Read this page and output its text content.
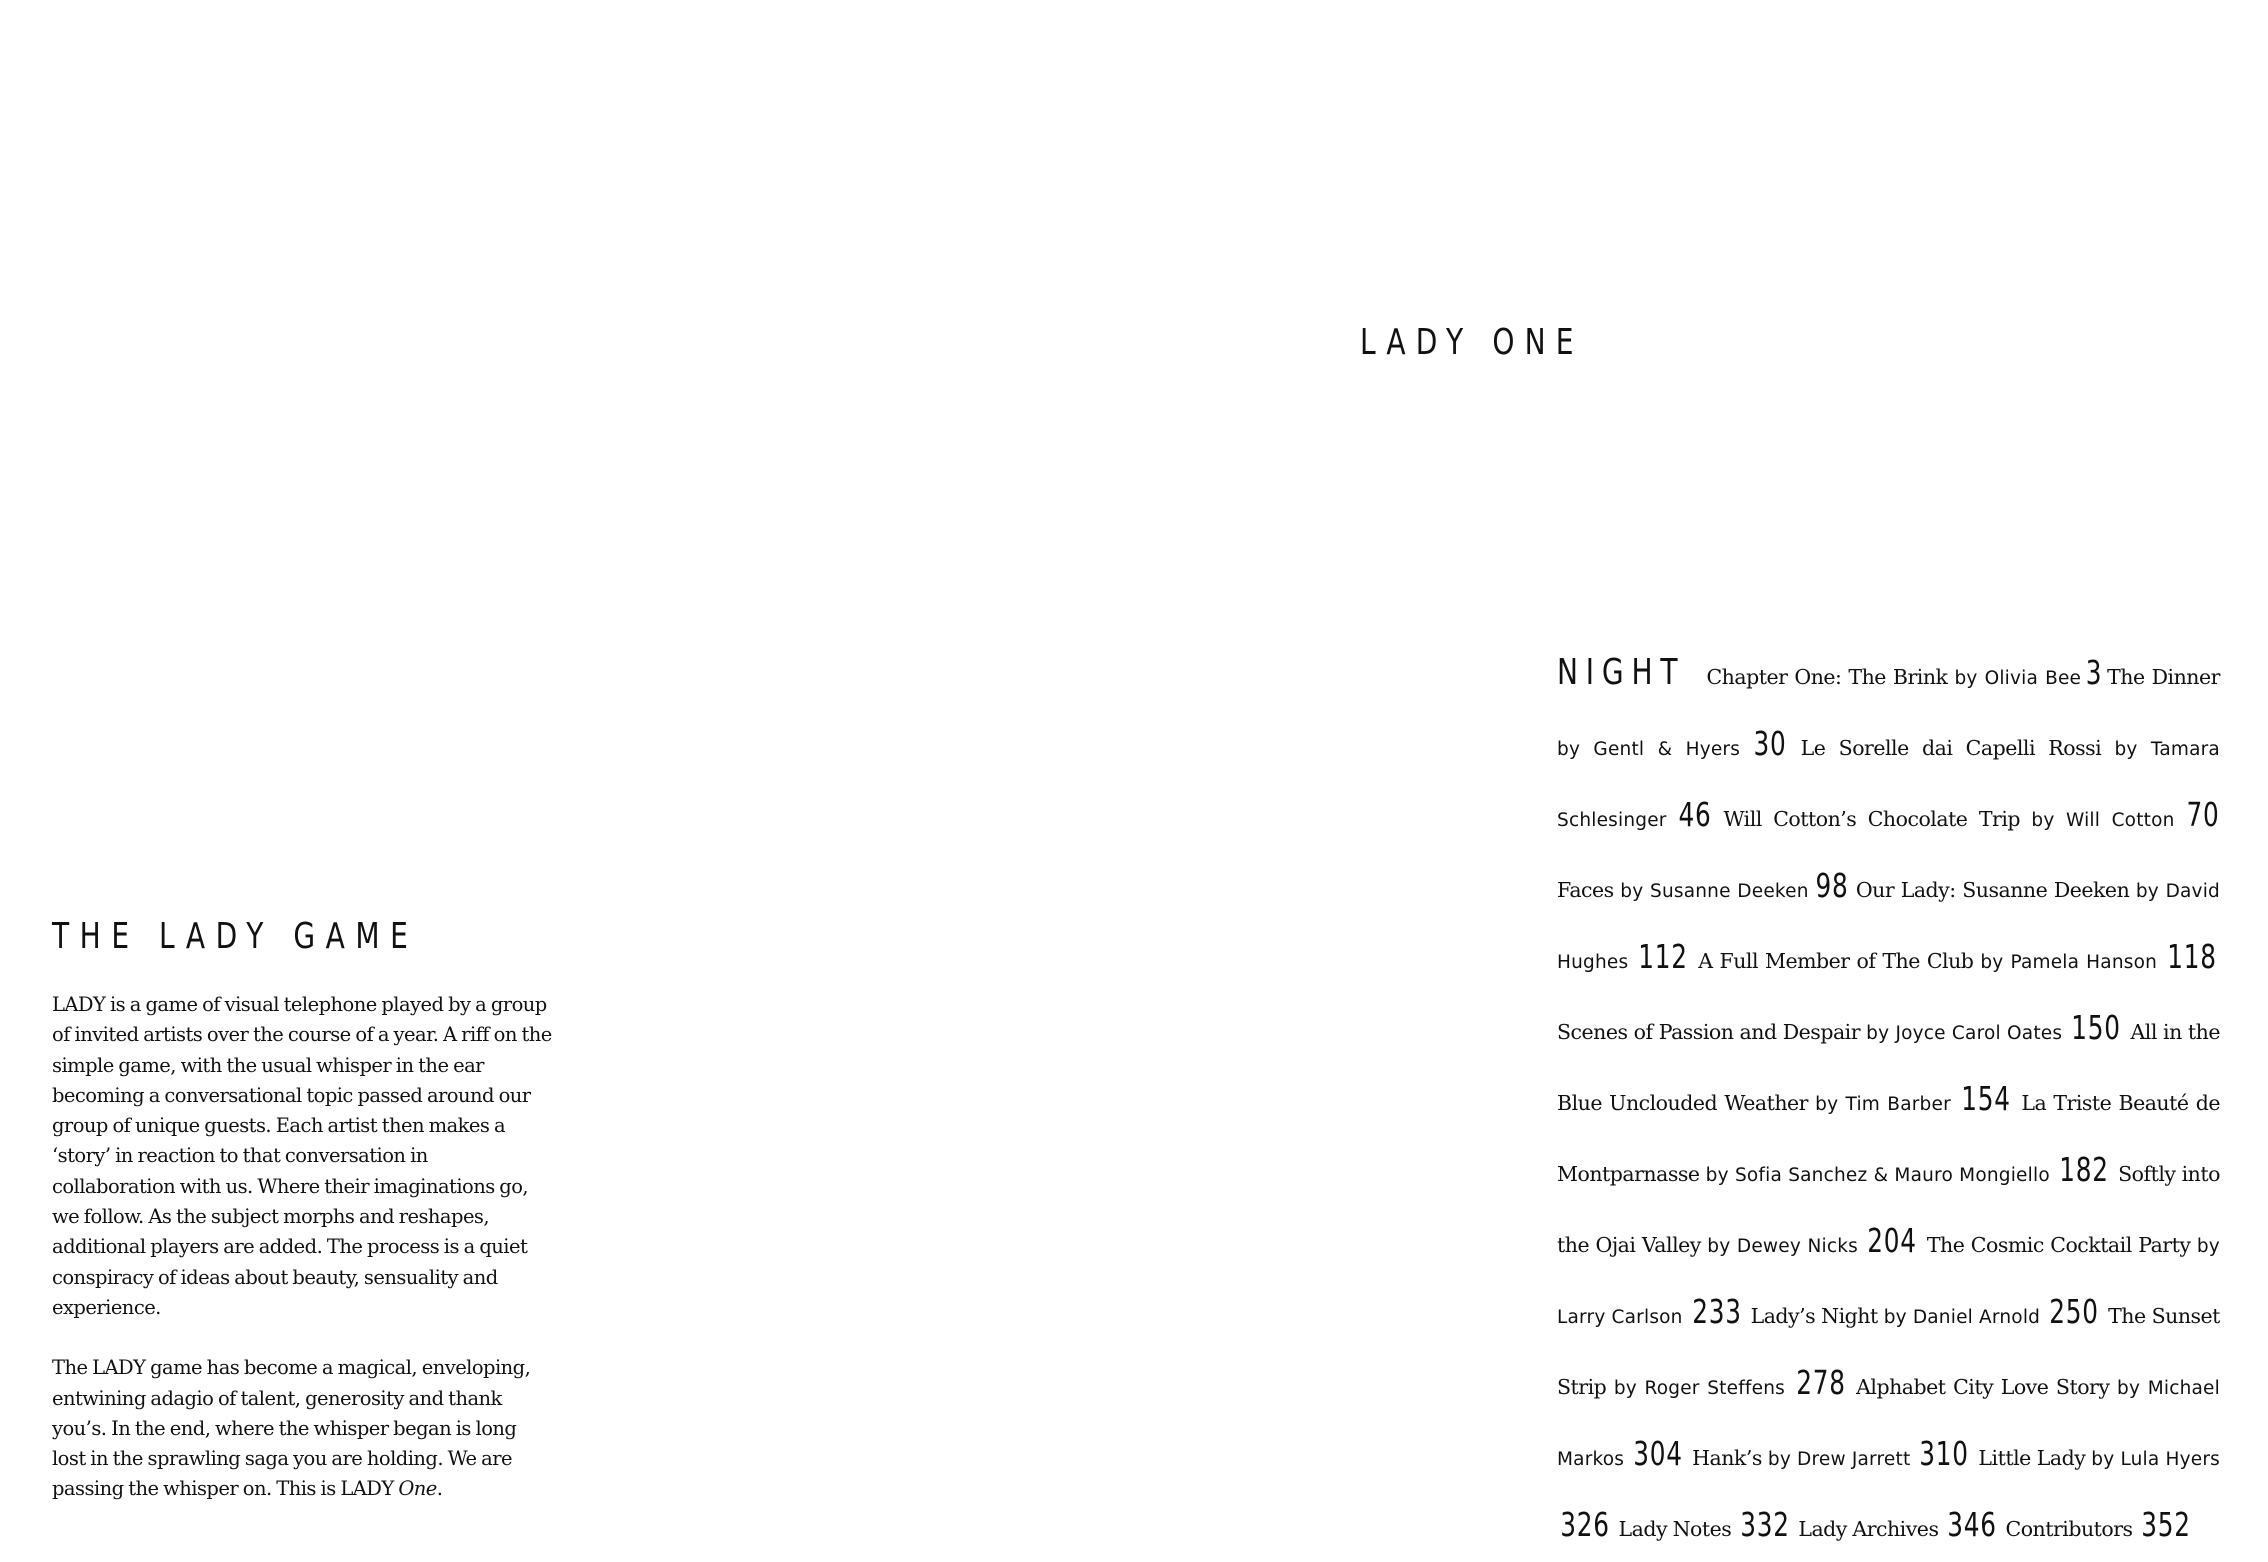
LADY ONE
THE LADY GAME

LADY is a game of visual telephone played by a group of invited artists over the course of a year. A riff on the simple game, with the usual whisper in the ear becoming a conversational topic passed around our group of unique guests. Each artist then makes a ‘story’ in reaction to that conversation in collaboration with us. Where their imaginations go, we follow. As the subject morphs and reshapes, additional players are added. The process is a quiet conspiracy of ideas about beauty, sensuality and experience.

The LADY game has become a magical, enveloping, entwining adagio of talent, generosity and thank you’s. In the end, where the whisper began is long lost in the sprawling saga you are holding. We are passing the whisper on. This is LADY One.

NIGHT Chapter One: The Brink by Olivia Bee 3 The Dinner by Gentl & Hyers 30 Le Sorelle dai Capelli Rossi by Tamara Schlesinger 46 Will Cotton’s Chocolate Trip by Will Cotton 70 Faces by Susanne Deeken 98 Our Lady: Susanne Deeken by David Hughes 112 A Full Member of The Club by Pamela Hanson 118 Scenes of Passion and Despair by Joyce Carol Oates 150 All in the Blue Unclouded Weather by Tim Barber 154 La Triste Beauté de Montparnasse by Sofia Sanchez & Mauro Mongiello 182 Softly into the Ojai Valley by Dewey Nicks 204 The Cosmic Cocktail Party by Larry Carlson 233 Lady’s Night by Daniel Arnold 250 The Sunset Strip by Roger Steffens 278 Alphabet City Love Story by Michael Markos 304 Hank’s by Drew Jarrett 310 Little Lady by Lula Hyers 326 Lady Notes 332 Lady Archives 346 Contributors 352
